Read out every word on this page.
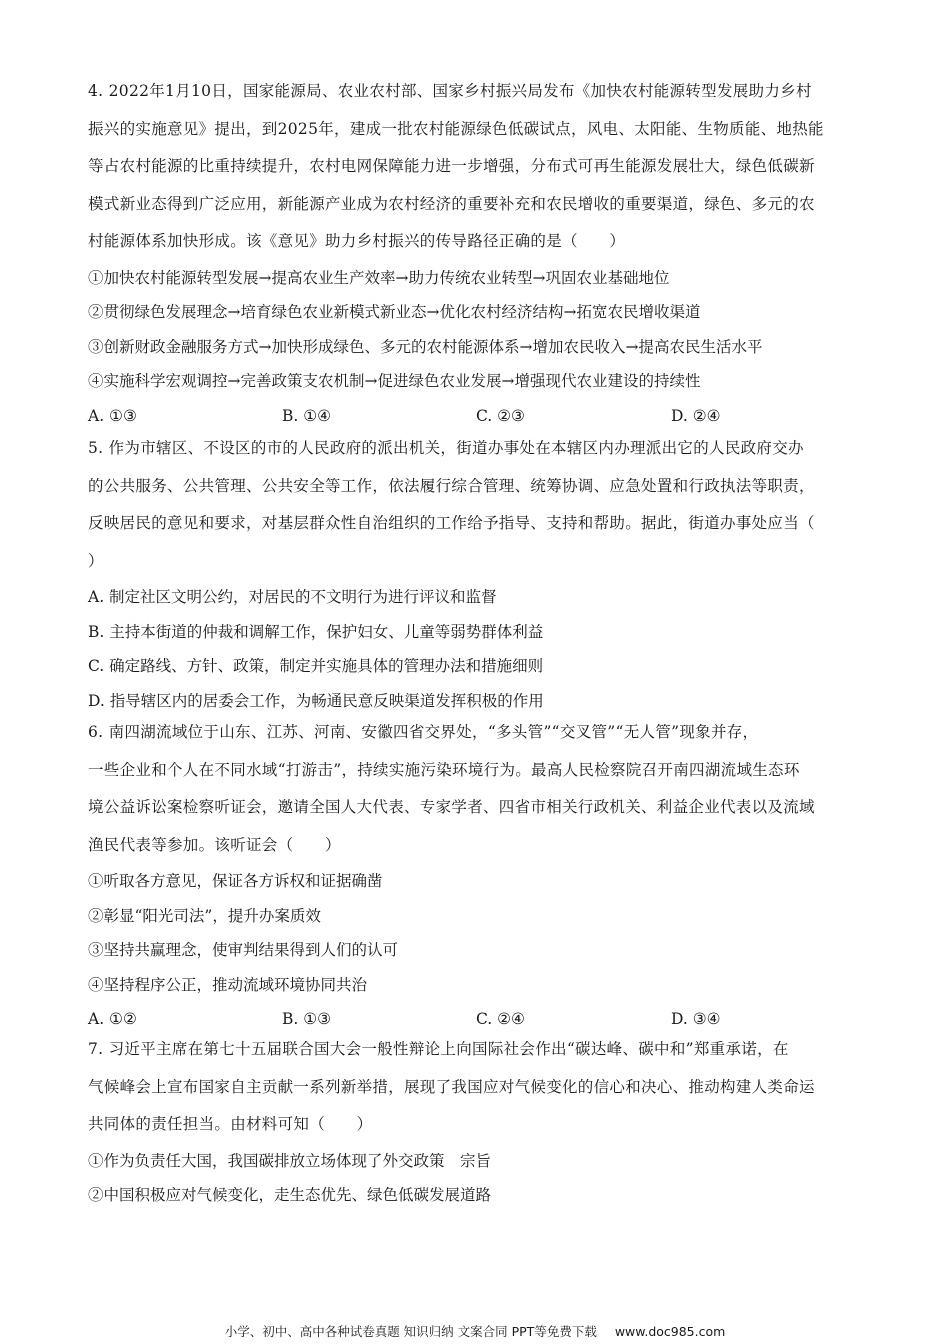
4. 2022年1月10日，国家能源局、农业农村部、国家乡村振兴局发布《加快农村能源转型发展助力乡村
振兴的实施意见》提出，到2025年，建成一批农村能源绿色低碳试点，风电、太阳能、生物质能、地热能
等占农村能源的比重持续提升，农村电网保障能力进一步增强，分布式可再生能源发展壮大，绿色低碳新
模式新业态得到广泛应用，新能源产业成为农村经济的重要补充和农民增收的重要渠道，绿色、多元的农
村能源体系加快形成。该《意见》助力乡村振兴的传导路径正确的是（　　）
①加快农村能源转型发展→提高农业生产效率→助力传统农业转型→巩固农业基础地位
②贯彻绿色发展理念→培育绿色农业新模式新业态→优化农村经济结构→拓宽农民增收渠道
③创新财政金融服务方式→加快形成绿色、多元的农村能源体系→增加农民收入→提高农民生活水平
④实施科学宏观调控→完善政策支农机制→促进绿色农业发展→增强现代农业建设的持续性
A. ①③	B. ①④	C. ②③	D. ②④
5. 作为市辖区、不设区的市的人民政府的派出机关，街道办事处在本辖区内办理派出它的人民政府交办
的公共服务、公共管理、公共安全等工作，依法履行综合管理、统筹协调、应急处置和行政执法等职责，
反映居民的意见和要求，对基层群众性自治组织的工作给予指导、支持和帮助。据此，街道办事处应当（
）
A. 制定社区文明公约，对居民的不文明行为进行评议和监督
B. 主持本街道的仲裁和调解工作，保护妇女、儿童等弱势群体利益
C. 确定路线、方针、政策，制定并实施具体的管理办法和措施细则
D. 指导辖区内的居委会工作，为畅通民意反映渠道发挥积极的作用
6. 南四湖流域位于山东、江苏、河南、安徽四省交界处，“多头管”“交叉管”“无人管”现象并存，
一些企业和个人在不同水域“打游击”，持续实施污染环境行为。最高人民检察院召开南四湖流域生态环
境公益诉讼案检察听证会，邀请全国人大代表、专家学者、四省市相关行政机关、利益企业代表以及流域
渔民代表等参加。该听证会（　　）
①听取各方意见，保证各方诉权和证据确凿
②彰显“阳光司法”，提升办案质效
③坚持共赢理念，使审判结果得到人们的认可
④坚持程序公正，推动流域环境协同共治
A. ①②	B. ①③	C. ②④	D. ③④
7. 习近平主席在第七十五届联合国大会一般性辩论上向国际社会作出“碳达峰、碳中和”郑重承诺，在
气候峰会上宣布国家自主贡献一系列新举措，展现了我国应对气候变化的信心和决心、推动构建人类命运
共同体的责任担当。由材料可知（　　）
①作为负责任大国，我国碳排放立场体现了外交政策　宗旨
②中国积极应对气候变化，走生态优先、绿色低碳发展道路
小学、初中、高中各种试卷真题 知识归纳 文案合同 PPT等免费下载 www.doc985.com
